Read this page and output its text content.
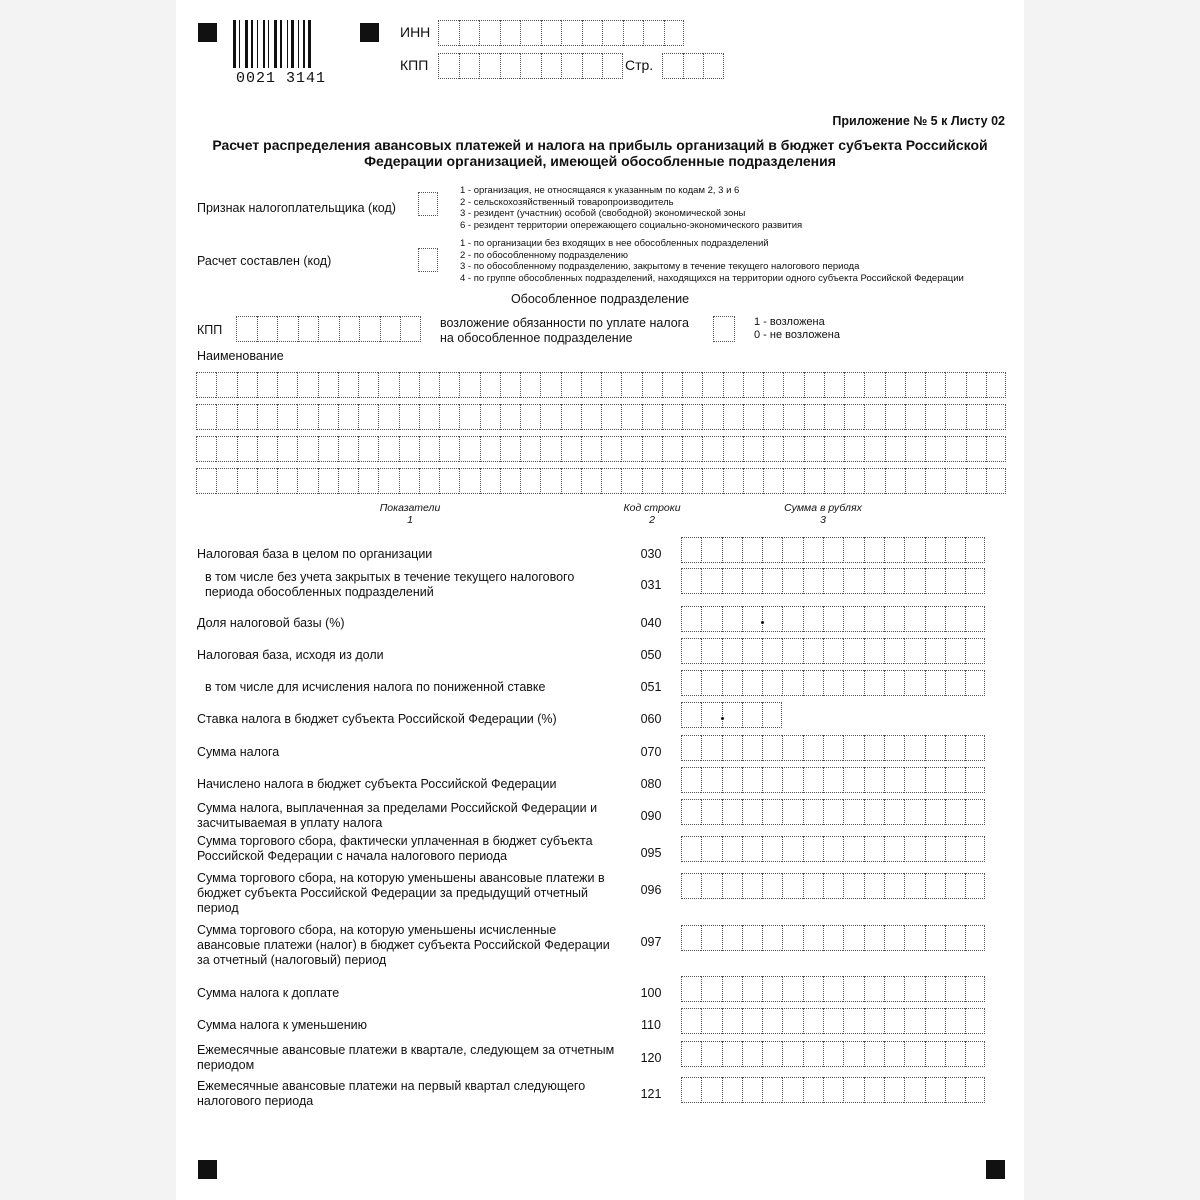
0021 3141
ИНН
КПП	Стр.
Приложение № 5 к Листу 02
Расчет распределения авансовых платежей и налога на прибыль организаций в бюджет субъекта Российской
Федерации организацией, имеющей обособленные подразделения
Признак налогоплательщика (код)
1 - организация, не относящаяся к указанным по кодам 2, 3 и 6
2 - сельскохозяйственный товаропроизводитель
3 - резидент (участник) особой (свободной) экономической зоны
6 - резидент территории опережающего социально-экономического развития
Расчет составлен (код)
1 - по организации без входящих в нее обособленных подразделений
2 - по обособленному подразделению
3 - по обособленному подразделению, закрытому в течение текущего налогового периода
4 - по группе обособленных подразделений, находящихся на территории одного субъекта Российской Федерации
Обособленное подразделение
КПП	возложение обязанности по уплате налога
на обособленное подразделение
1 - возложена
0 - не возложена
Наименование
Показатели
1
Код строки
2
Сумма в рублях
3
Налоговая база в целом по организации	030
в том числе без учета закрытых в течение текущего налогового периода обособленных подразделений	031
Доля налоговой базы (%)	040
Налоговая база, исходя из доли	050
в том числе для исчисления налога по пониженной ставке	051
Ставка налога в бюджет субъекта Российской Федерации (%)	060
Сумма налога	070
Начислено налога в бюджет субъекта Российской Федерации	080
Сумма налога, выплаченная за пределами Российской Федерации и засчитываемая в уплату налога	090
Сумма торгового сбора, фактически уплаченная в бюджет субъекта Российской Федерации с начала налогового периода	095
Сумма торгового сбора, на которую уменьшены авансовые платежи в бюджет субъекта Российской Федерации за предыдущий отчетный период
096
Сумма торгового сбора, на которую уменьшены исчисленные авансовые платежи (налог) в бюджет субъекта Российской Федерации за отчетный (налоговый) период
097
Сумма налога к доплате	100
Сумма налога к уменьшению	110
Ежемесячные авансовые платежи в квартале, следующем за отчетным периодом	120
Ежемесячные авансовые платежи на первый квартал следующего налогового периода	121
